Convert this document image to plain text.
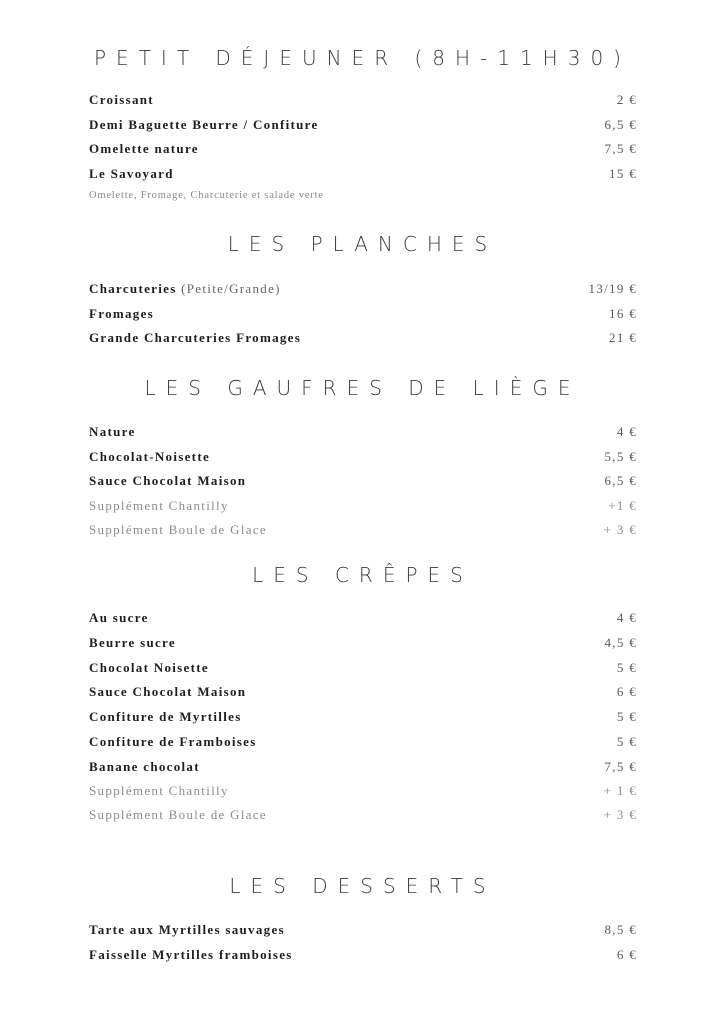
PETIT DÉJEUNER (8H-11H30)
Croissant	2 €
Demi Baguette Beurre / Confiture	6,5 €
Omelette nature	7,5 €
Le Savoyard	15 €
Omelette, Fromage, Charcuterie et salade verte
LES PLANCHES
Charcuteries (Petite/Grande)	13/19 €
Fromages	16 €
Grande Charcuteries Fromages	21 €
LES GAUFRES DE LIÈGE
Nature	4 €
Chocolat-Noisette	5,5 €
Sauce Chocolat Maison	6,5 €
Supplément Chantilly	+1 €
Supplément Boule de Glace	+ 3 €
LES CRÊPES
Au sucre	4 €
Beurre sucre	4,5 €
Chocolat Noisette	5 €
Sauce Chocolat Maison	6 €
Confiture de Myrtilles	5 €
Confiture de Framboises	5 €
Banane chocolat	7,5 €
Supplément Chantilly	+ 1 €
Supplément Boule de Glace	+ 3 €
LES DESSERTS
Tarte aux Myrtilles sauvages	8,5 €
Faisselle Myrtilles framboises	6 €
